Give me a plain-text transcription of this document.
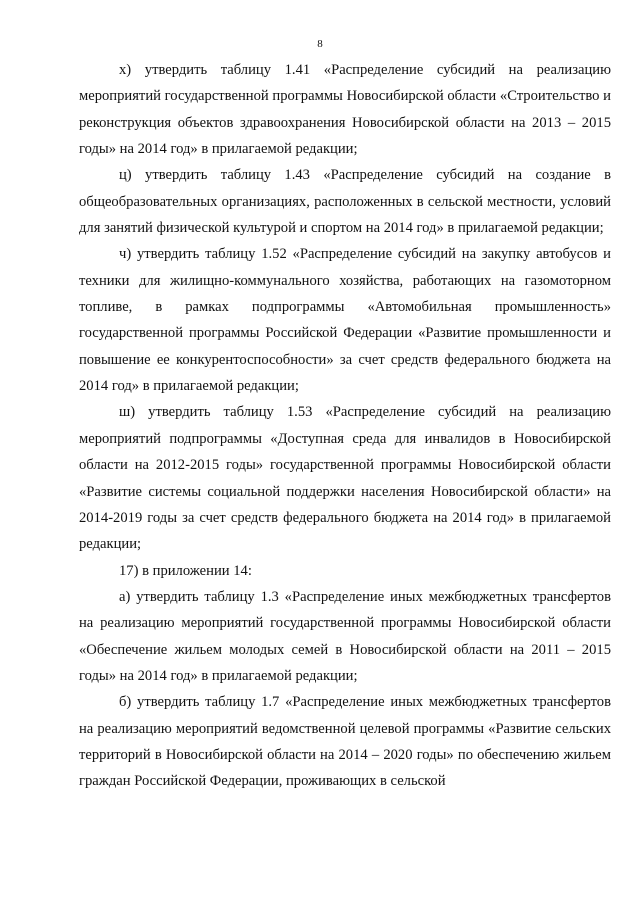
8

х) утвердить таблицу 1.41 «Распределение субсидий на реализацию мероприятий государственной программы Новосибирской области «Строительство и реконструкция объектов здравоохранения Новосибирской области на 2013 – 2015 годы» на 2014 год» в прилагаемой редакции;

ц) утвердить таблицу 1.43 «Распределение субсидий на создание в общеобразовательных организациях, расположенных в сельской местности, условий для занятий физической культурой и спортом на 2014 год» в прилагаемой редакции;

ч) утвердить таблицу 1.52 «Распределение субсидий на закупку автобусов и техники для жилищно-коммунального хозяйства, работающих на газомоторном топливе, в рамках подпрограммы «Автомобильная промышленность» государственной программы Российской Федерации «Развитие промышленности и повышение ее конкурентоспособности» за счет средств федерального бюджета на 2014 год» в прилагаемой редакции;

ш) утвердить таблицу 1.53 «Распределение субсидий на реализацию мероприятий подпрограммы «Доступная среда для инвалидов в Новосибирской области на 2012-2015 годы» государственной программы Новосибирской области «Развитие системы социальной поддержки населения Новосибирской области» на 2014-2019 годы за счет средств федерального бюджета на 2014 год» в прилагаемой редакции;

17) в приложении 14:

а) утвердить таблицу 1.3 «Распределение иных межбюджетных трансфертов на реализацию мероприятий государственной программы Новосибирской области «Обеспечение жильем молодых семей в Новосибирской области на 2011 – 2015 годы» на 2014 год» в прилагаемой редакции;

б) утвердить таблицу 1.7 «Распределение иных межбюджетных трансфертов на реализацию мероприятий ведомственной целевой программы «Развитие сельских территорий в Новосибирской области на 2014 – 2020 годы» по обеспечению жильем граждан Российской Федерации, проживающих в сельской
